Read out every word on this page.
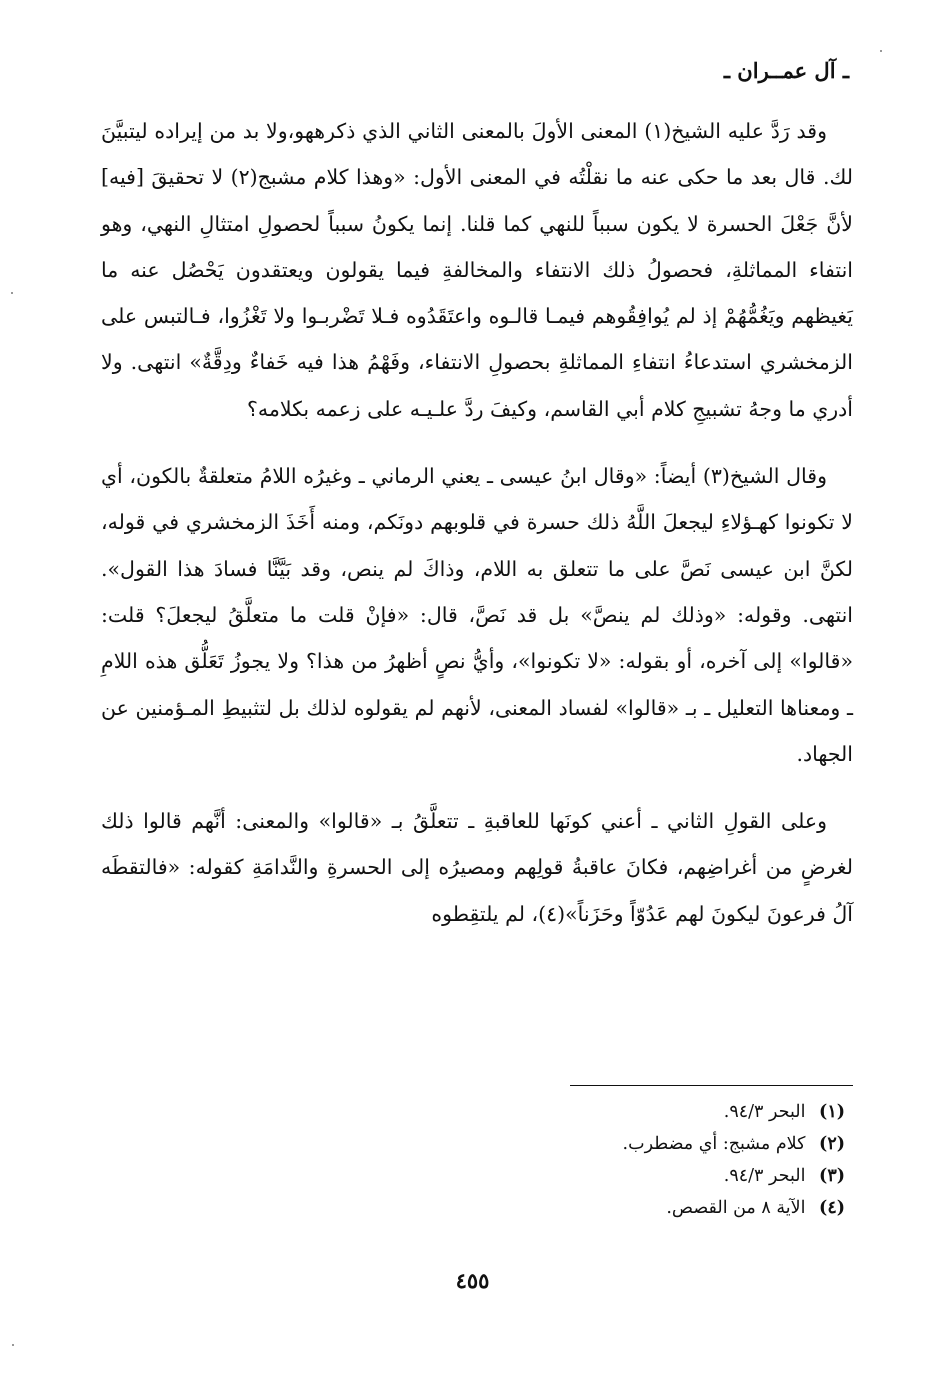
ـ آل عمــران ـ

وقد رَدَّ عليه الشيخ(١) المعنى الأولَ بالمعنى الثاني الذي ذكرههو،ولا بد من إيراده ليتبيَّنَ لك. قال بعد ما حكى عنه ما نقلْتُه في المعنى الأول: «وهذا كلام مشبج(٢) لا تحقيقَ [فيه] لأنَّ جَعْلَ الحسرة لا يكون سبباً للنهي كما قلنا. إنما يكونُ سبباً لحصولِ امتثالِ النهي، وهو انتفاء المماثلةِ، فحصولُ ذلك الانتفاء والمخالفةِ فيما يقولون ويعتقدون يَحْصُل عنه ما يَغيظهم ويَغُمُّهُمْ إذ لم يُوافِقُوهم فيمـا قالـوه واعتَقَدُوه فـلا تَضْربـوا ولا تَغْزُوا، فـالتبس على الزمخشري استدعاءُ انتفاءِ المماثلةِ بحصولِ الانتفاء، وفَهْمُ هذا فيه خَفاءٌ ودِقَّةٌ» انتهى. ولا أدري ما وجهُ تشبيجِ كلام أبي القاسم، وكيفَ ردَّ علـيـه على زعمه بكلامه؟

وقال الشيخ(٣) أيضاً: «وقال ابنُ عيسى ـ يعني الرماني ـ وغيرُه اللامُ متعلقةٌ بالكون، أي لا تكونوا كهـؤلاءِ ليجعلَ اللَّهُ ذلك حسرة في قلوبهم دونَكم، ومنه أَخَذَ الزمخشري في قوله، لكنَّ ابن عيسى نَصَّ على ما تتعلق به اللام، وذاكَ لم ينص، وقد بَيَّنَّا فسادَ هذا القول». انتهى. وقوله: «وذلك لم ينصَّ» بل قد نَصَّ، قال: «فإنْ قلت ما متعلَّقُ ليجعلَ؟ قلت: «قالوا» إلى آخره، أو بقوله: «لا تكونوا»، وأيُّ نصٍ أظهرُ من هذا؟ ولا يجوزُ تَعَلُّق هذه اللامِ ـ ومعناها التعليل ـ بـ «قالوا» لفساد المعنى، لأنهم لم يقولوه لذلك بل لتثبيطِ المـؤمنين عن الجهاد.

وعلى القولِ الثاني ـ أعني كونَها للعاقبةِ ـ تتعلَّقُ بـ «قالوا» والمعنى: أنَّهم قالوا ذلك لغرضٍ من أغراضِهم، فكانَ عاقبةُ قولِهم ومصيرُه إلى الحسرةِ والنَّدامَةِ كقوله: «فالتقطَه آلُ فرعونَ ليكونَ لهم عَدُوّاً وحَزَناً»(٤)، لم يلتقِطوه

(١) البحر ٩٤/٣.
(٢) كلام مشبج: أي مضطرب.
(٣) البحر ٩٤/٣.
(٤) الآية ٨ من القصص.
٤٥٥
